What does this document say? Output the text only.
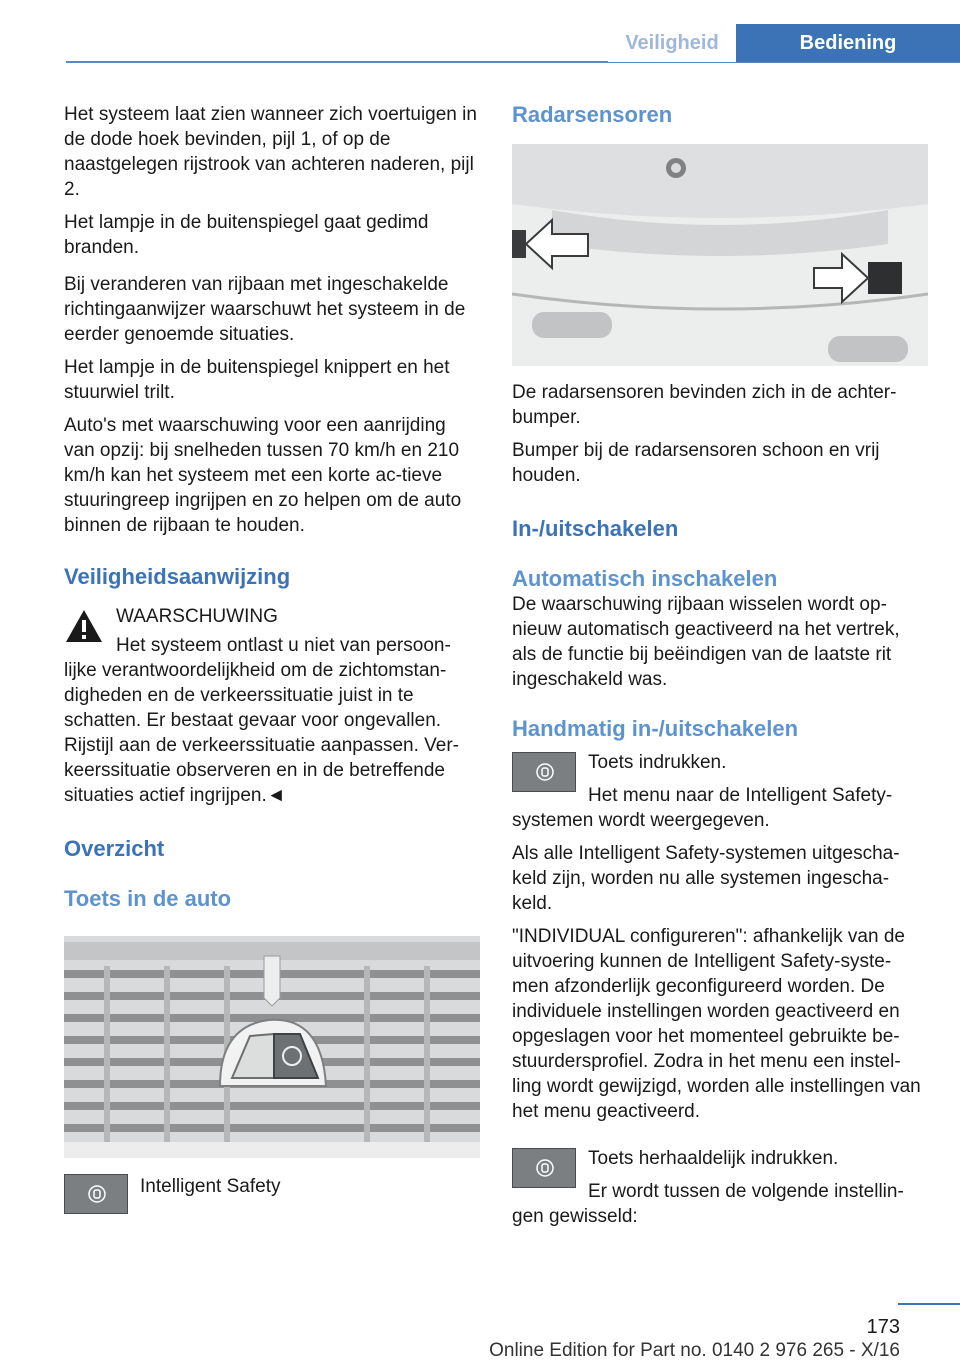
Veiligheid	Bediening

Het systeem laat zien wanneer zich voertuigen in de dode hoek bevinden, pijl 1, of op de naastgelegen rijstrook van achteren naderen, pijl 2.

Het lampje in de buitenspiegel gaat gedimd branden.

Bij veranderen van rijbaan met ingeschakelde richtingaanwijzer waarschuwt het systeem in de eerder genoemde situaties.

Het lampje in de buitenspiegel knippert en het stuurwiel trilt.

Auto's met waarschuwing voor een aanrijding van opzij: bij snelheden tussen 70 km/h en 210 km/h kan het systeem met een korte ac-tieve stuuringreep ingrijpen en zo helpen om de auto binnen de rijbaan te houden.

Veiligheidsaanwijzing

WAARSCHUWING

Het systeem ontlast u niet van persoon-lijke verantwoordelijkheid om de zichtomstan-digheden en de verkeerssituatie juist in te schatten. Er bestaat gevaar voor ongevallen. Rijstijl aan de verkeerssituatie aanpassen. Ver-keerssituatie observeren en in de betreffende situaties actief ingrijpen.◄

Overzicht
Toets in de auto

Intelligent Safety

Radarsensoren

De radarsensoren bevinden zich in de achter-bumper.

Bumper bij de radarsensoren schoon en vrij houden.

In-/uitschakelen
Automatisch inschakelen

De waarschuwing rijbaan wisselen wordt op-nieuw automatisch geactiveerd na het vertrek, als de functie bij beëindigen van de laatste rit ingeschakeld was.

Handmatig in-/uitschakelen

Toets indrukken.

Het menu naar de Intelligent Safety-systemen wordt weergegeven.

Als alle Intelligent Safety-systemen uitgescha-keld zijn, worden nu alle systemen ingescha-keld.

"INDIVIDUAL configureren": afhankelijk van de uitvoering kunnen de Intelligent Safety-syste-men afzonderlijk geconfigureerd worden. De individuele instellingen worden geactiveerd en opgeslagen voor het momenteel gebruikte be-stuurdersprofiel. Zodra in het menu een instel-ling wordt gewijzigd, worden alle instellingen van het menu geactiveerd.

Toets herhaaldelijk indrukken.

Er wordt tussen de volgende instellin-gen gewisseld:

173
Online Edition for Part no. 0140 2 976 265 - X/16
